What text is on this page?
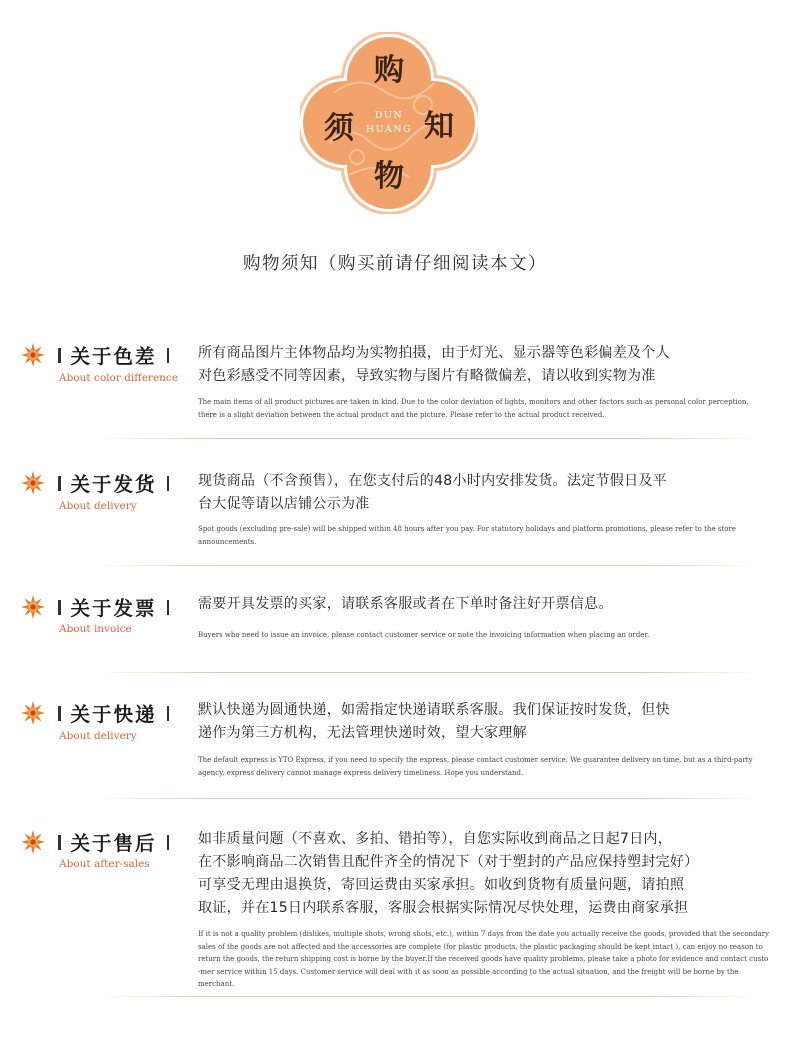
购
须 知
物
DUN
HUANG
购物须知（购买前请仔细阅读本文）
关于色差
About color difference
所有商品图片主体物品均为实物拍摄，由于灯光、显示器等色彩偏差及个人
对色彩感受不同等因素，导致实物与图片有略微偏差，请以收到实物为准
The main items of all product pictures are taken in kind. Due to the color deviation of lights, monitors and other factors such as personal color perception,
there is a slight deviation between the actual product and the picture. Please refer to the actual product received.
关于发货
About delivery
现货商品（不含预售），在您支付后的48小时内安排发货。法定节假日及平
台大促等请以店铺公示为准
Spot goods (excluding pre-sale) will be shipped within 48 hours after you pay. For statutory holidays and platform promotions, please refer to the store
announcements.
关于发票
About invoice
需要开具发票的买家，请联系客服或者在下单时备注好开票信息。
Buyers who need to issue an invoice, please contact customer service or note the invoicing information when placing an order.
关于快递
About delivery
默认快递为圆通快递，如需指定快递请联系客服。我们保证按时发货，但快
递作为第三方机构，无法管理快递时效，望大家理解
The default express is YTO Express, if you need to specify the express, please contact customer service. We guarantee delivery on time, but as a third-party
agency, express delivery cannot manage express delivery timeliness. Hope you understand.
关于售后
About after-sales
如非质量问题（不喜欢、多拍、错拍等），自您实际收到商品之日起7日内，
在不影响商品二次销售且配件齐全的情况下（对于塑封的产品应保持塑封完好）
可享受无理由退换货，寄回运费由买家承担。如收到货物有质量问题，请拍照
取证，并在15日内联系客服，客服会根据实际情况尽快处理，运费由商家承担
If it is not a quality problem (dislikes, multiple shots, wrong shots, etc.), within 7 days from the date you actually receive the goods, provided that the secondary
sales of the goods are not affected and the accessories are complete (for plastic products, the plastic packaging should be kept intact ), can enjoy no reason to
return the goods, the return shipping cost is borne by the buyer.If the received goods have quality problems, please take a photo for evidence and contact custo
-mer service within 15 days. Customer service will deal with it as soon as possible according to the actual situation, and the freight will be borne by the merchant.
